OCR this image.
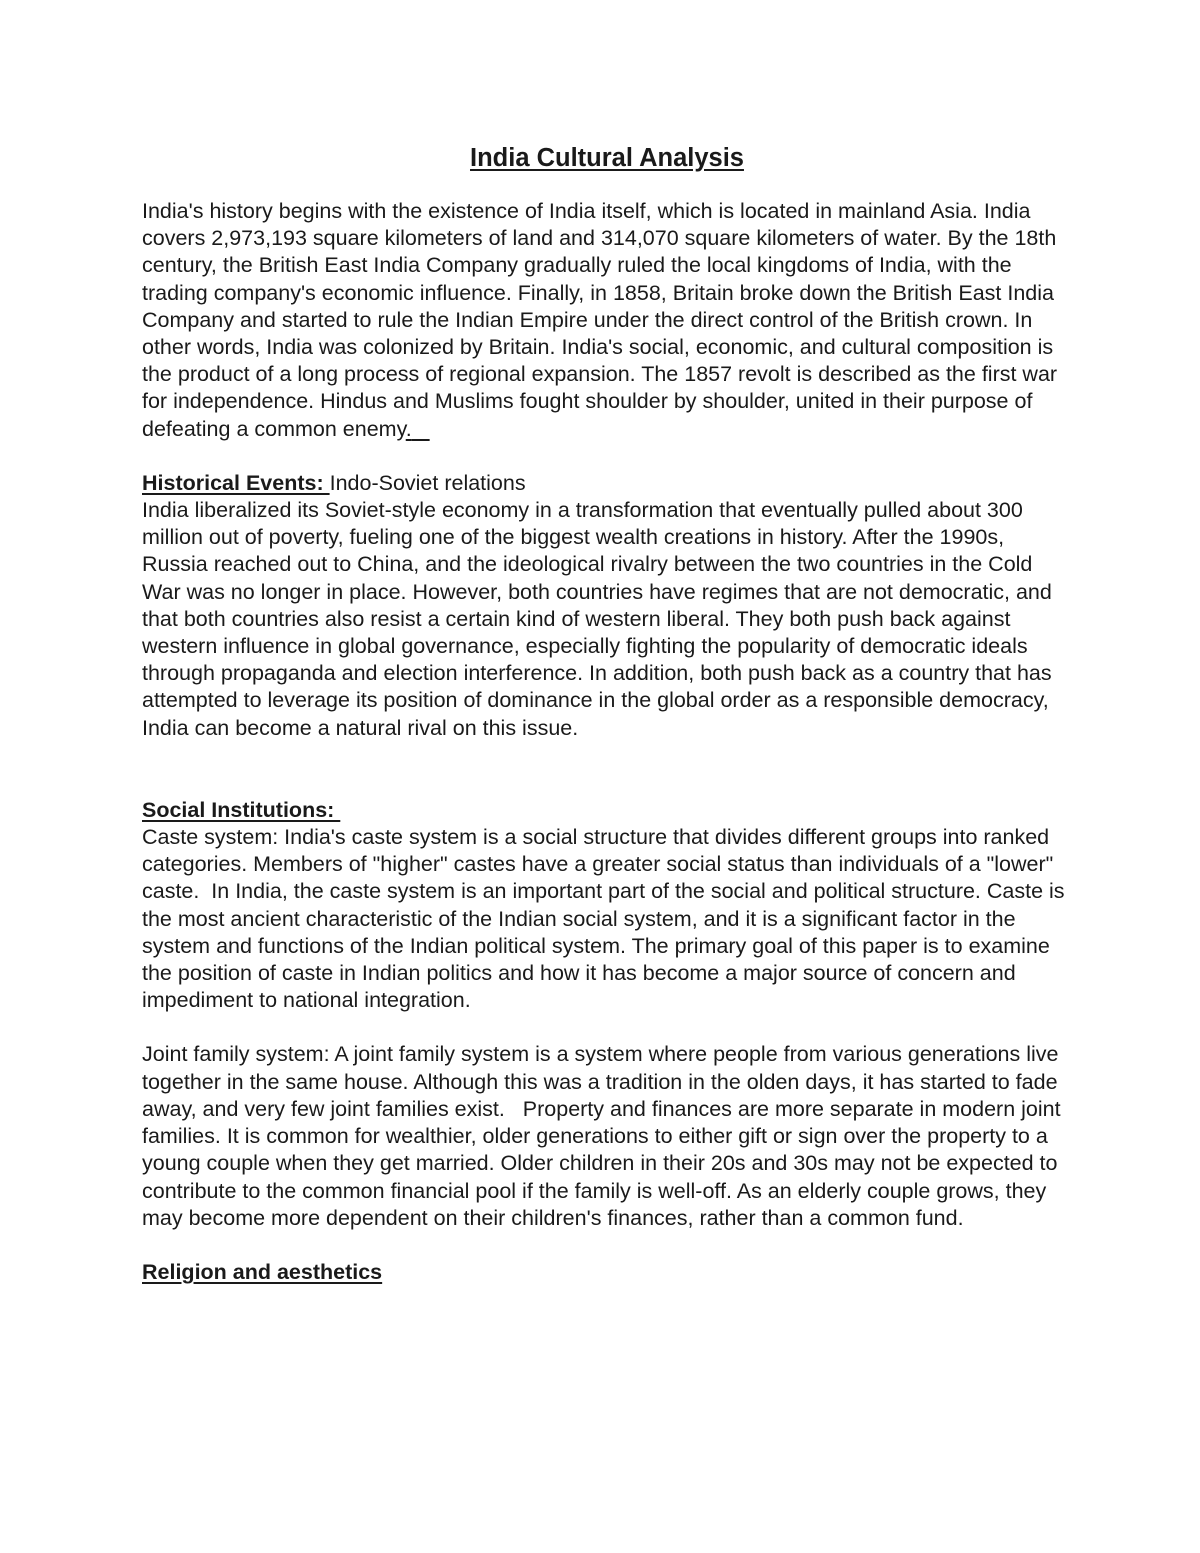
India Cultural Analysis

India's history begins with the existence of India itself, which is located in mainland Asia. India covers 2,973,193 square kilometers of land and 314,070 square kilometers of water. By the 18th century, the British East India Company gradually ruled the local kingdoms of India, with the trading company's economic influence. Finally, in 1858, Britain broke down the British East India Company and started to rule the Indian Empire under the direct control of the British crown. In other words, India was colonized by Britain. India's social, economic, and cultural composition is the product of a long process of regional expansion. The 1857 revolt is described as the first war for independence. Hindus and Muslims fought shoulder by shoulder, united in their purpose of defeating a common enemy.

Historical Events: Indo-Soviet relations

India liberalized its Soviet-style economy in a transformation that eventually pulled about 300 million out of poverty, fueling one of the biggest wealth creations in history. After the 1990s, Russia reached out to China, and the ideological rivalry between the two countries in the Cold War was no longer in place. However, both countries have regimes that are not democratic, and that both countries also resist a certain kind of western liberal. They both push back against western influence in global governance, especially fighting the popularity of democratic ideals through propaganda and election interference. In addition, both push back as a country that has attempted to leverage its position of dominance in the global order as a responsible democracy, India can become a natural rival on this issue.

Social Institutions:

Caste system: India's caste system is a social structure that divides different groups into ranked categories. Members of "higher" castes have a greater social status than individuals of a "lower" caste.  In India, the caste system is an important part of the social and political structure. Caste is the most ancient characteristic of the Indian social system, and it is a significant factor in the system and functions of the Indian political system. The primary goal of this paper is to examine the position of caste in Indian politics and how it has become a major source of concern and impediment to national integration.

Joint family system: A joint family system is a system where people from various generations live together in the same house. Although this was a tradition in the olden days, it has started to fade away, and very few joint families exist.   Property and finances are more separate in modern joint families. It is common for wealthier, older generations to either gift or sign over the property to a young couple when they get married. Older children in their 20s and 30s may not be expected to contribute to the common financial pool if the family is well-off. As an elderly couple grows, they may become more dependent on their children's finances, rather than a common fund.

Religion and aesthetics
